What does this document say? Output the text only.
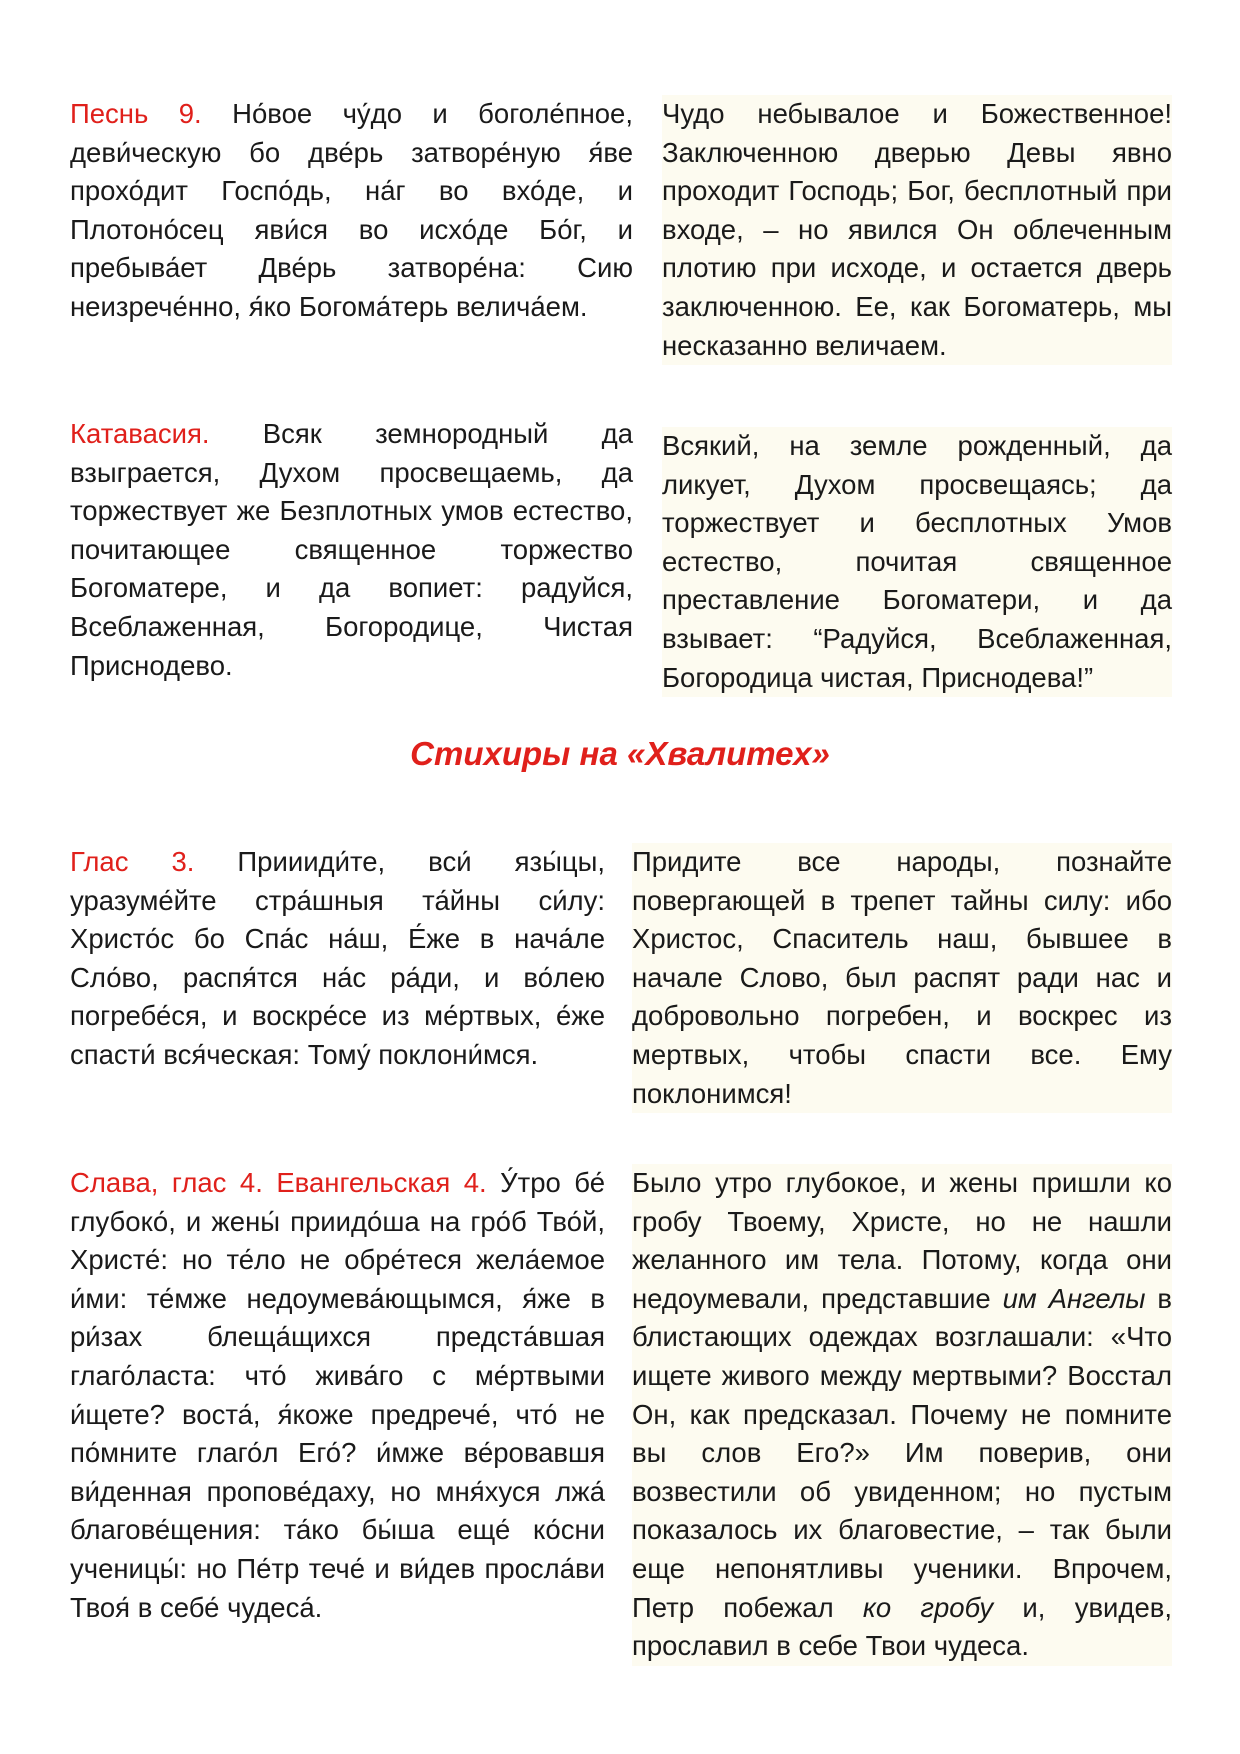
Песнь 9. Но́вое чу́до и боголе́пное, деви́ческую бо две́рь затворе́ную я́ве прохо́дит Госпо́дь, на́г во вхо́де, и Плотоно́сец яви́ся во исхо́де Бо́г, и пребыва́ет Две́рь затворе́на: Сию неизрече́нно, я́ко Богома́терь велича́ем.
Чудо небывалое и Божественное! Заключенною дверью Девы явно проходит Господь; Бог, бесплотный при входе, – но явился Он облеченным плотию при исходе, и остается дверь заключенною. Ее, как Богоматерь, мы несказанно величаем.
Катавасия. Всяк земнородный да взыграется, Духом просвещаемь, да торжествует же Безплотных умов естество, почитающее священное торжество Богоматере, и да вопиет: радуйся, Всеблаженная, Богородице, Чистая Приснодево.
Всякий, на земле рожденный, да ликует, Духом просвещаясь; да торжествует и бесплотных Умов естество, почитая священное преставление Богоматери, и да взывает: “Радуйся, Всеблаженная, Богородица чистая, Приснодева!”
Стихиры на «Хвалитех»
Глас 3. Приииди́те, вси́ язы́цы, уразуме́йте стра́шныя та́йны си́лу: Христо́с бо Спа́с на́ш, Е́же в нача́ле Сло́во, распя́тся на́с ра́ди, и во́лею погребе́ся, и воскре́се из ме́ртвых, е́же спасти́ вся́ческая: Тому́ поклони́мся.
Придите все народы, познайте повергающей в трепет тайны силу: ибо Христос, Спаситель наш, бывшее в начале Слово, был распят ради нас и добровольно погребен, и воскрес из мертвых, чтобы спасти все. Ему поклонимся!
Слава, глас 4. Евангельская 4. У́тро бе́ глубоко́, и жены́ приидо́ша на гро́б Тво́й, Христе́: но те́ло не обре́теся жела́емое и́ми: те́мже недоумева́ющымся, я́же в ри́зах блеща́щихся предста́вшая глаго́ласта: что́ жива́го с ме́ртвыми и́щете? воста́, я́коже предрече́, что́ не по́мните глаго́л Его́? и́мже ве́ровавшя ви́денная пропове́даху, но мня́хуся лжа́ благове́щения: та́ко бы́ша еще́ ко́сни ученицы́: но Пе́тр тече́ и ви́дев просла́ви Твоя́ в себе́ чудеса́.
Было утро глубокое, и жены пришли ко гробу Твоему, Христе, но не нашли желанного им тела. Потому, когда они недоумевали, представшие им Ангелы в блистающих одеждах возглашали: «Что ищете живого между мертвыми? Восстал Он, как предсказал. Почему не помните вы слов Его?» Им поверив, они возвестили об увиденном; но пустым показалось их благовестие, – так были еще непонятливы ученики. Впрочем, Петр побежал ко гробу и, увидев, прославил в себе Твои чудеса.
